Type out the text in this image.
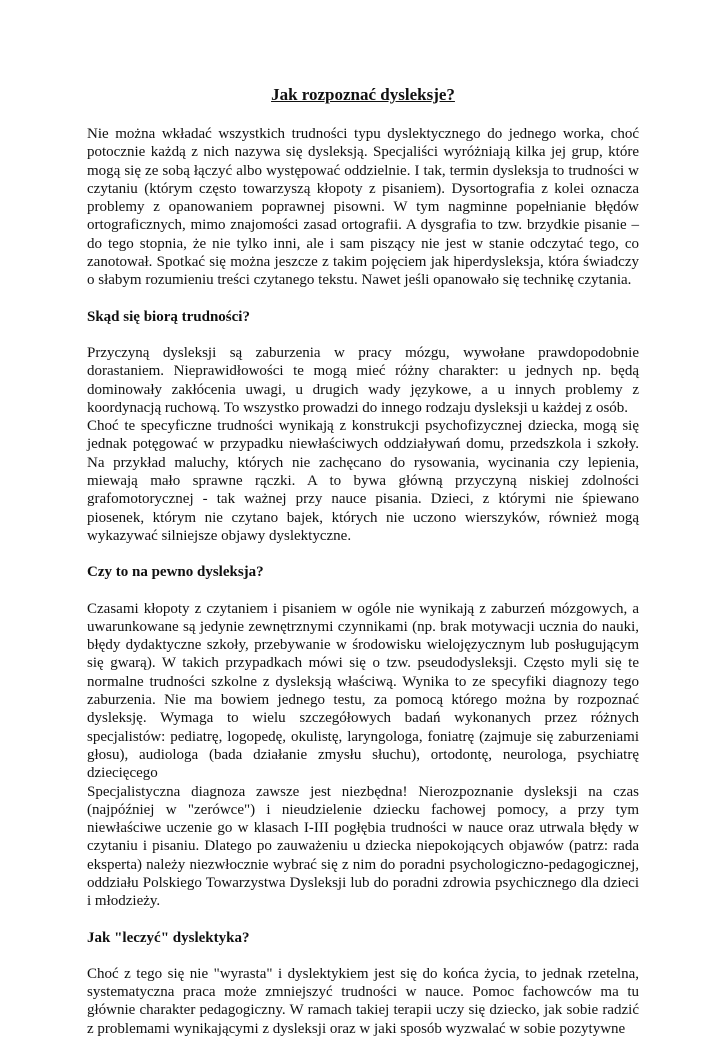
Jak rozpoznać dysleksje?

Nie można wkładać wszystkich trudności typu dyslektycznego do jednego worka, choć potocznie każdą z nich nazywa się dysleksją. Specjaliści wyróżniają kilka jej grup, które mogą się ze sobą łączyć albo występować oddzielnie. I tak, termin dysleksja to trudności w czytaniu (którym często towarzyszą kłopoty z pisaniem). Dysortografia z kolei oznacza problemy z opanowaniem poprawnej pisowni. W tym nagminne popełnianie błędów ortograficznych, mimo znajomości zasad ortografii. A dysgrafia to tzw. brzydkie pisanie – do tego stopnia, że nie tylko inni, ale i sam piszący nie jest w stanie odczytać tego, co zanotował. Spotkać się można jeszcze z takim pojęciem jak hiperdysleksja, która świadczy o słabym rozumieniu treści czytanego tekstu. Nawet jeśli opanowało się technikę czytania.

Skąd się biorą trudności?

Przyczyną dysleksji są zaburzenia w pracy mózgu, wywołane prawdopodobnie dorastaniem. Nieprawidłowości te mogą mieć różny charakter: u jednych np. będą dominowały zakłócenia uwagi, u drugich wady językowe, a u innych problemy z koordynacją ruchową. To wszystko prowadzi do innego rodzaju dysleksji u każdej z osób.

Choć te specyficzne trudności wynikają z konstrukcji psychofizycznej dziecka, mogą się jednak potęgować w przypadku niewłaściwych oddziaływań domu, przedszkola i szkoły. Na przykład maluchy, których nie zachęcano do rysowania, wycinania czy lepienia, miewają mało sprawne rączki. A to bywa główną przyczyną niskiej zdolności grafomotorycznej - tak ważnej przy nauce pisania. Dzieci, z którymi nie śpiewano piosenek, którym nie czytano bajek, których nie uczono wierszyków, również mogą wykazywać silniejsze objawy dyslektyczne.

Czy to na pewno dysleksja?

Czasami kłopoty z czytaniem i pisaniem w ogóle nie wynikają z zaburzeń mózgowych, a uwarunkowane są jedynie zewnętrznymi czynnikami (np. brak motywacji ucznia do nauki, błędy dydaktyczne szkoły, przebywanie w środowisku wielojęzycznym lub posługującym się gwarą). W takich przypadkach mówi się o tzw. pseudodysleksji. Często myli się te normalne trudności szkolne z dysleksją właściwą. Wynika to ze specyfiki diagnozy tego zaburzenia. Nie ma bowiem jednego testu, za pomocą którego można by rozpoznać dysleksję. Wymaga to wielu szczegółowych badań wykonanych przez różnych specjalistów: pediatrę, logopedę, okulistę, laryngologa, foniatrę (zajmuje się zaburzeniami głosu), audiologa (bada działanie zmysłu słuchu), ortodontę, neurologa, psychiatrę dziecięcego

Specjalistyczna diagnoza zawsze jest niezbędna! Nierozpoznanie dysleksji na czas (najpóźniej w "zerówce") i nieudzielenie dziecku fachowej pomocy, a przy tym niewłaściwe uczenie go w klasach I-III pogłębia trudności w nauce oraz utrwala błędy w czytaniu i pisaniu. Dlatego po zauważeniu u dziecka niepokojących objawów (patrz: rada eksperta) należy niezwłocznie wybrać się z nim do poradni psychologiczno-pedagogicznej, oddziału Polskiego Towarzystwa Dysleksji lub do poradni zdrowia psychicznego dla dzieci i młodzieży.

Jak "leczyć" dyslektyka?

Choć z tego się nie "wyrasta" i dyslektykiem jest się do końca życia, to jednak rzetelna, systematyczna praca może zmniejszyć trudności w nauce. Pomoc fachowców ma tu głównie charakter pedagogiczny. W ramach takiej terapii uczy się dziecko, jak sobie radzić z problemami wynikającymi z dysleksji oraz w jaki sposób wyzwalać w sobie pozytywne
